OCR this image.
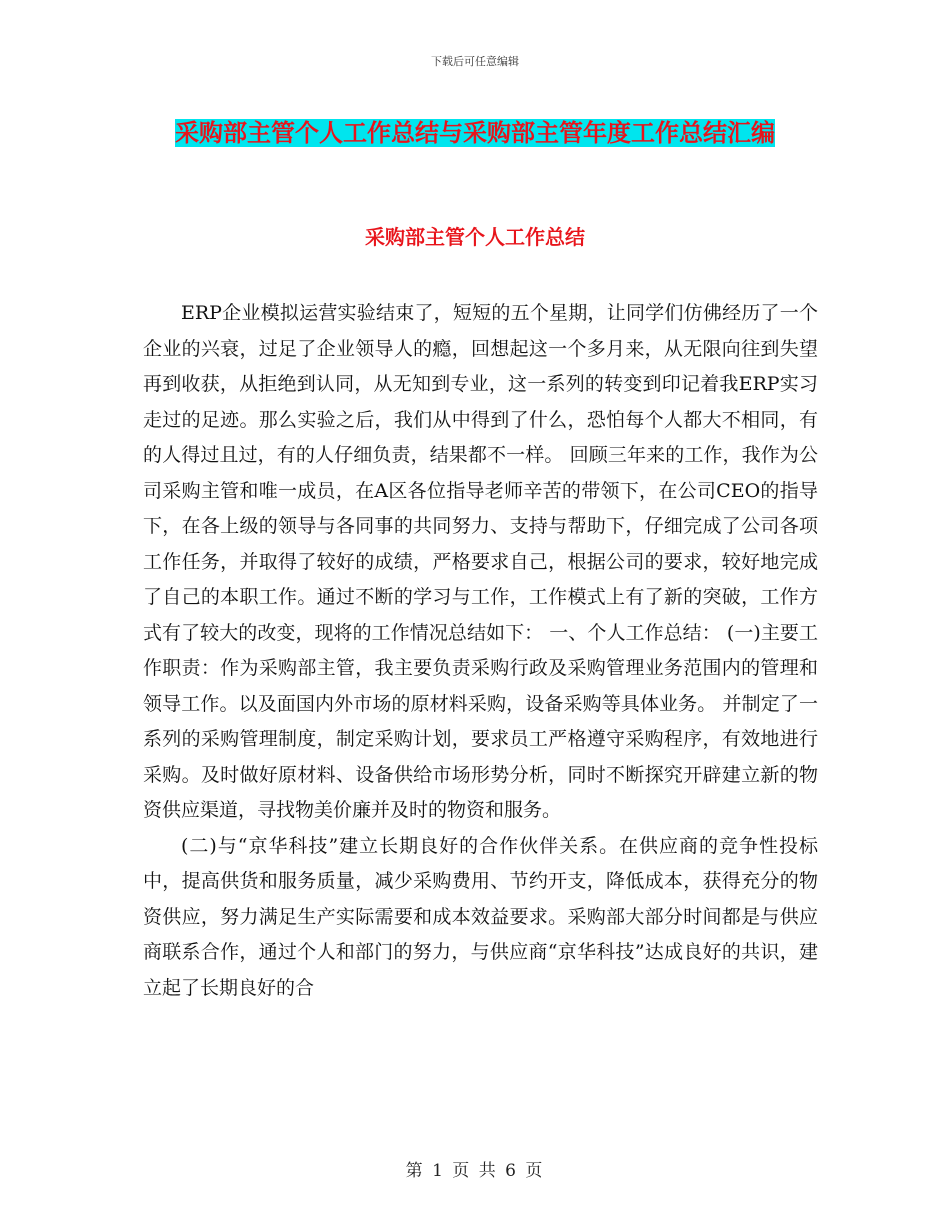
下载后可任意编辑
采购部主管个人工作总结与采购部主管年度工作总结汇编
采购部主管个人工作总结

ERP企业模拟运营实验结束了，短短的五个星期，让同学们仿佛经历了一个企业的兴衰，过足了企业领导人的瘾，回想起这一个多月来，从无限向往到失望再到收获，从拒绝到认同，从无知到专业，这一系列的转变到印记着我ERP实习走过的足迹。那么实验之后，我们从中得到了什么，恐怕每个人都大不相同，有的人得过且过，有的人仔细负责，结果都不一样。 回顾三年来的工作，我作为公司采购主管和唯一成员，在A区各位指导老师辛苦的带领下，在公司CEO的指导下，在各上级的领导与各同事的共同努力、支持与帮助下，仔细完成了公司各项工作任务，并取得了较好的成绩，严格要求自己，根据公司的要求，较好地完成了自己的本职工作。通过不断的学习与工作，工作模式上有了新的突破，工作方式有了较大的改变，现将的工作情况总结如下： 一、个人工作总结： (一)主要工作职责：作为采购部主管，我主要负责采购行政及采购管理业务范围内的管理和领导工作。以及面国内外市场的原材料采购，设备采购等具体业务。 并制定了一系列的采购管理制度，制定采购计划，要求员工严格遵守采购程序，有效地进行采购。及时做好原材料、设备供给市场形势分析，同时不断探究开辟建立新的物资供应渠道，寻找物美价廉并及时的物资和服务。

(二)与“京华科技”建立长期良好的合作伙伴关系。在供应商的竞争性投标中，提高供货和服务质量，减少采购费用、节约开支，降低成本，获得充分的物资供应，努力满足生产实际需要和成本效益要求。采购部大部分时间都是与供应商联系合作，通过个人和部门的努力，与供应商“京华科技”达成良好的共识，建立起了长期良好的合

第 1 页 共 6 页
